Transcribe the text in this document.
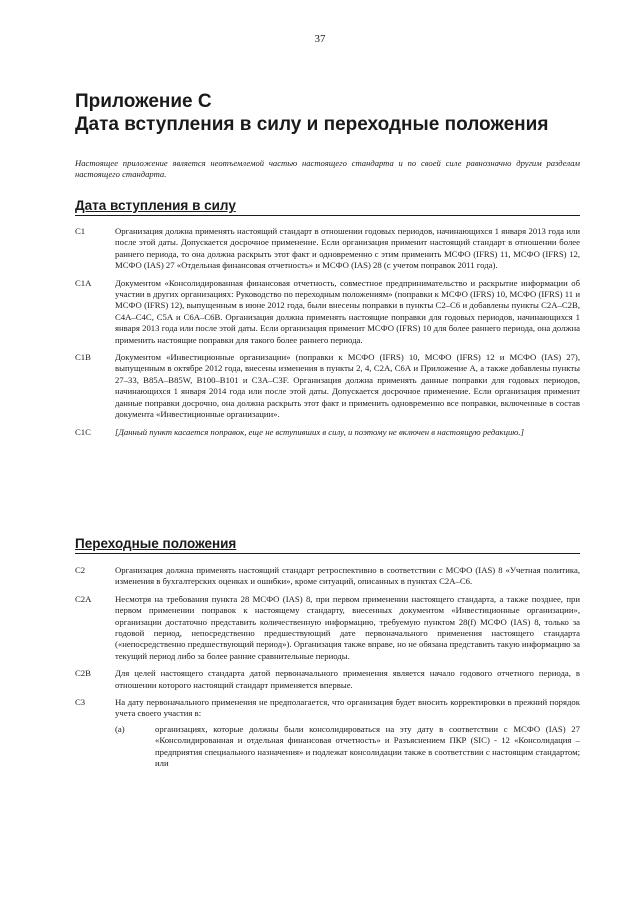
37
Приложение С
Дата вступления в силу и переходные положения
Настоящее приложение является неотъемлемой частью настоящего стандарта и по своей силе равнозначно другим разделам настоящего стандарта.
Дата вступления в силу
С1	Организация должна применять настоящий стандарт в отношении годовых периодов, начинающихся 1 января 2013 года или после этой даты. Допускается досрочное применение. Если организация применит настоящий стандарт в отношении более раннего периода, то она должна раскрыть этот факт и одновременно с этим применить МСФО (IFRS) 11, МСФО (IFRS) 12, МСФО (IAS) 27 «Отдельная финансовая отчетность» и МСФО (IAS) 28 (с учетом поправок 2011 года).
С1А	Документом «Консолидированная финансовая отчетность, совместное предпринимательство и раскрытие информации об участии в других организациях: Руководство по переходным положениям» (поправки к МСФО (IFRS) 10, МСФО (IFRS) 11 и МСФО (IFRS) 12), выпущенным в июне 2012 года, были внесены поправки в пункты С2–С6 и добавлены пункты С2А–С2В, С4А–С4С, С5А и С6А–С6В. Организация должна применять настоящие поправки для годовых периодов, начинающихся 1 января 2013 года или после этой даты. Если организация применит МСФО (IFRS) 10 для более раннего периода, она должна применить настоящие поправки для такого более раннего периода.
С1В	Документом «Инвестиционные организации» (поправки к МСФО (IFRS) 10, МСФО (IFRS) 12 и МСФО (IAS) 27), выпущенным в октябре 2012 года, внесены изменения в пункты 2, 4, С2А, С6А и Приложение А, а также добавлены пункты 27–33, В85А–В85W, В100–В101 и С3А–С3F. Организация должна применять данные поправки для годовых периодов, начинающихся 1 января 2014 года или после этой даты. Допускается досрочное применение. Если организация применит данные поправки досрочно, она должна раскрыть этот факт и применить одновременно все поправки, включенные в состав документа «Инвестиционные организации».
С1С	[Данный пункт касается поправок, еще не вступивших в силу, и поэтому не включен в настоящую редакцию.]
Переходные положения
С2	Организация должна применять настоящий стандарт ретроспективно в соответствии с МСФО (IAS) 8 «Учетная политика, изменения в бухгалтерских оценках и ошибки», кроме ситуаций, описанных в пунктах С2А–С6.
С2А	Несмотря на требования пункта 28 МСФО (IAS) 8, при первом применении настоящего стандарта, а также позднее, при первом применении поправок к настоящему стандарту, внесенных документом «Инвестиционные организации», организации достаточно представить количественную информацию, требуемую пунктом 28(f) МСФО (IAS) 8, только за годовой период, непосредственно предшествующий дате первоначального применения настоящего стандарта («непосредственно предшествующий период»). Организация также вправе, но не обязана представить такую информацию за текущий период либо за более ранние сравнительные периоды.
С2В	Для целей настоящего стандарта датой первоначального применения является начало годового отчетного периода, в отношении которого настоящий стандарт применяется впервые.
С3	На дату первоначального применения не предполагается, что организация будет вносить корректировки в прежний порядок учета своего участия в:
(a)	организациях, которые должны были консолидироваться на эту дату в соответствии с МСФО (IAS) 27 «Консолидированная и отдельная финансовая отчетность» и Разъяснением ПКР (SIC) - 12 «Консолидация – предприятия специального назначения» и подлежат консолидации также в соответствии с настоящим стандартом; или
